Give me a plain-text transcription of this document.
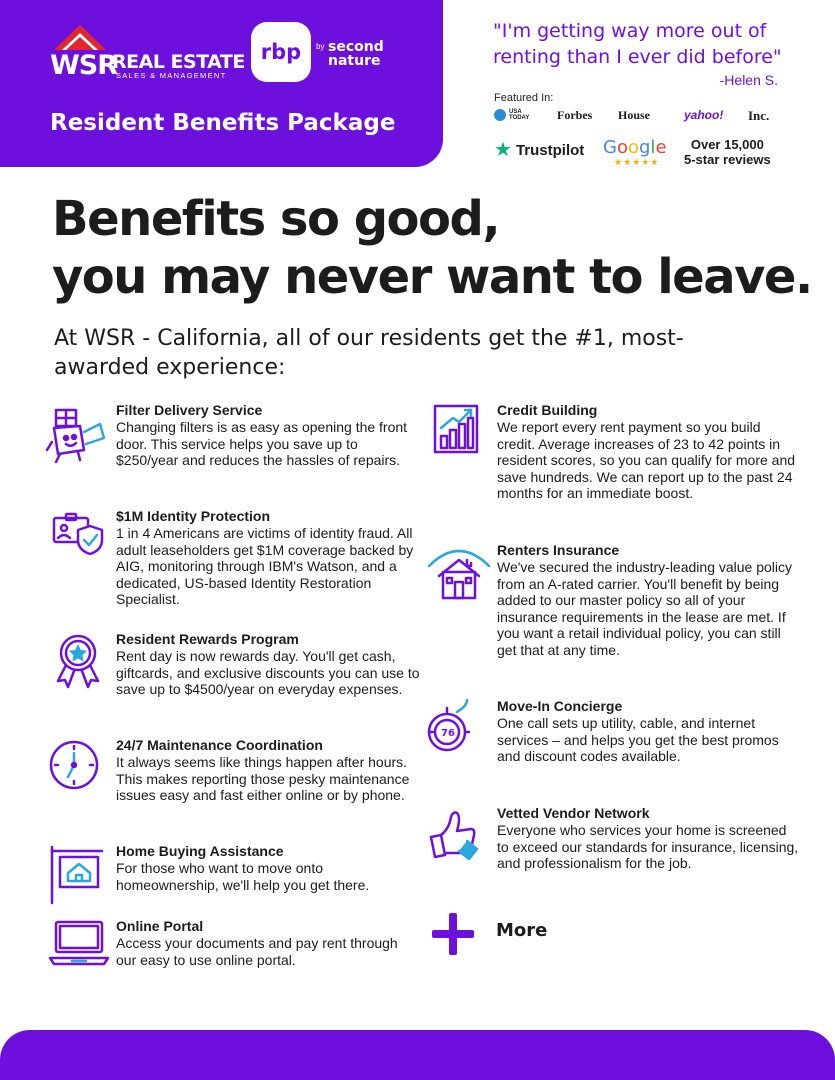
WSR
REAL ESTATE
SALES & MANAGEMENT
rbp by second nature
Resident Benefits Package
"I'm getting way more out of renting than I ever did before"
-Helen S.
Featured In:
USA TODAY Forbes House	yahoo! Inc.
★ Trustpilot Google
★★★★★
Over 15,000
5-star reviews
Benefits so good,
you may never want to leave.
At WSR - California, all of our residents get the #1, most-awarded experience:
Filter Delivery Service
Changing filters is as easy as opening the front door. This service helps you save up to $250/year and reduces the hassles of repairs.
$1M Identity Protection
1 in 4 Americans are victims of identity fraud. All adult leaseholders get $1M coverage backed by AIG, monitoring through IBM's Watson, and a dedicated, US-based Identity Restoration Specialist.
Resident Rewards Program
Rent day is now rewards day. You'll get cash, giftcards, and exclusive discounts you can use to save up to $4500/year on everyday expenses.
24/7 Maintenance Coordination
It always seems like things happen after hours. This makes reporting those pesky maintenance issues easy and fast either online or by phone.
Home Buying Assistance
For those who want to move onto homeownership, we'll help you get there.
Online Portal
Access your documents and pay rent through our easy to use online portal.
Credit Building
We report every rent payment so you build credit. Average increases of 23 to 42 points in resident scores, so you can qualify for more and save hundreds. We can report up to the past 24 months for an immediate boost.
Renters Insurance
We've secured the industry-leading value policy from an A-rated carrier. You'll benefit by being added to our master policy so all of your insurance requirements in the lease are met. If you want a retail individual policy, you can still get that at any time.
76
Move-In Concierge
One call sets up utility, cable, and internet services – and helps you get the best promos and discount codes available.
Vetted Vendor Network
Everyone who services your home is screened to exceed our standards for insurance, licensing, and professionalism for the job.
More
